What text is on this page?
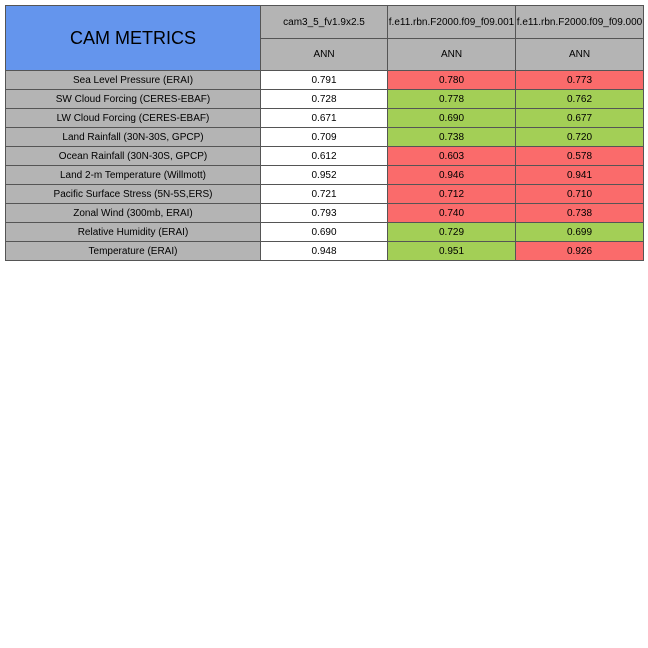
CAM METRICS	cam3_5_fv1.9x2.5	f.e11.rbn.F2000.f09_f09.001	f.e11.rbn.F2000.f09_f09.000

	ANN	ANN	ANN
Sea Level Pressure (ERAI)	0.791	0.780	0.773
SW Cloud Forcing (CERES-EBAF)	0.728	0.778	0.762
LW Cloud Forcing (CERES-EBAF)	0.671	0.690	0.677
Land Rainfall (30N-30S, GPCP)	0.709	0.738	0.720
Ocean Rainfall (30N-30S, GPCP)	0.612	0.603	0.578
Land 2-m Temperature (Willmott)	0.952	0.946	0.941
Pacific Surface Stress (5N-5S,ERS)	0.721	0.712	0.710
Zonal Wind (300mb, ERAI)	0.793	0.740	0.738
Relative Humidity (ERAI)	0.690	0.729	0.699
Temperature (ERAI)	0.948	0.951	0.926
